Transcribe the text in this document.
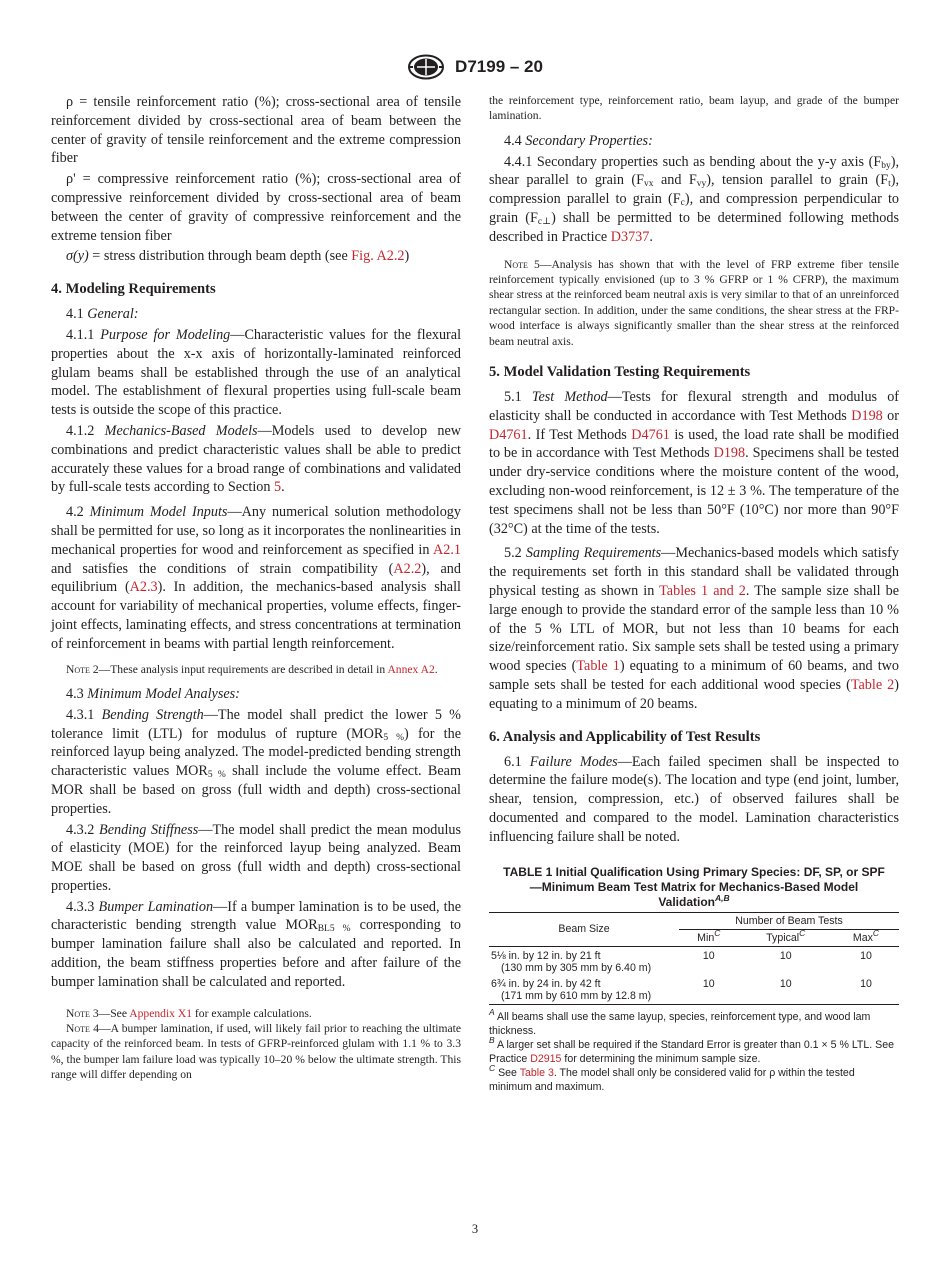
D7199 – 20

ρ = tensile reinforcement ratio (%); cross-sectional area of tensile reinforcement divided by cross-sectional area of beam between the center of gravity of tensile reinforcement and the extreme compression fiber

ρ' = compressive reinforcement ratio (%); cross-sectional area of compressive reinforcement divided by cross-sectional area of beam between the center of gravity of compressive reinforcement and the extreme tension fiber

σ(y) = stress distribution through beam depth (see Fig. A2.2)

4. Modeling Requirements

4.1 General:

4.1.1 Purpose for Modeling—Characteristic values for the flexural properties about the x-x axis of horizontally-laminated reinforced glulam beams shall be established through the use of an analytical model. The establishment of flexural properties using full-scale beam tests is outside the scope of this practice.

4.1.2 Mechanics-Based Models—Models used to develop new combinations and predict characteristic values shall be able to predict accurately these values for a broad range of combinations and validated by full-scale tests according to Section 5.

4.2 Minimum Model Inputs—Any numerical solution methodology shall be permitted for use, so long as it incorporates the nonlinearities in mechanical properties for wood and reinforcement as specified in A2.1 and satisfies the conditions of strain compatibility (A2.2), and equilibrium (A2.3). In addition, the mechanics-based analysis shall account for variability of mechanical properties, volume effects, finger-joint effects, laminating effects, and stress concentrations at termination of reinforcement in beams with partial length reinforcement.

Note 2—These analysis input requirements are described in detail in Annex A2.

4.3 Minimum Model Analyses:

4.3.1 Bending Strength—The model shall predict the lower 5 % tolerance limit (LTL) for modulus of rupture $(MOR_{5 \%})$ for the reinforced layup being analyzed. The model-predicted bending strength characteristic values $MOR_{5 \%}$ shall include the volume effect. Beam MOR shall be based on gross (full width and depth) cross-sectional properties.

4.3.2 Bending Stiffness—The model shall predict the mean modulus of elasticity (MOE) for the reinforced layup being analyzed. Beam MOE shall be based on gross (full width and depth) cross-sectional properties.

4.3.3 Bumper Lamination—If a bumper lamination is to be used, the characteristic bending strength value $MOR_{BL5 \%}$ corresponding to bumper lamination failure shall also be calculated and reported. In addition, the beam stiffness properties before and after failure of the bumper lamination shall be calculated and reported.

Note 3—See Appendix X1 for example calculations.

Note 4—A bumper lamination, if used, will likely fail prior to reaching the ultimate capacity of the reinforced beam. In tests of GFRP-reinforced glulam with 1.1 % to 3.3 %, the bumper lam failure load was typically 10–20 % below the ultimate strength. This range will differ depending on

the reinforcement type, reinforcement ratio, beam layup, and grade of the bumper lamination.

4.4 Secondary Properties:

4.4.1 Secondary properties such as bending about the y-y axis $(F_{by})$, shear parallel to grain ($F_{vx}$ and $F_{vy}$), tension parallel to grain $(F_t)$, compression parallel to grain $(F_c)$, and compression perpendicular to grain $(F_{c\perp})$ shall be permitted to be determined following methods described in Practice D3737.

Note 5—Analysis has shown that with the level of FRP extreme fiber tensile reinforcement typically envisioned (up to 3 % GFRP or 1 % CFRP), the maximum shear stress at the reinforced beam neutral axis is very similar to that of an unreinforced rectangular section. In addition, under the same conditions, the shear stress at the FRP-wood interface is always significantly smaller than the shear stress at the reinforced beam neutral axis.

5. Model Validation Testing Requirements

5.1 Test Method—Tests for flexural strength and modulus of elasticity shall be conducted in accordance with Test Methods D198 or D4761. If Test Methods D4761 is used, the load rate shall be modified to be in accordance with Test Methods D198. Specimens shall be tested under dry-service conditions where the moisture content of the wood, excluding non-wood reinforcement, is 12 ± 3 %. The temperature of the test specimens shall not be less than 50°F (10°C) nor more than 90°F (32°C) at the time of the tests.

5.2 Sampling Requirements—Mechanics-based models which satisfy the requirements set forth in this standard shall be validated through physical testing as shown in Tables 1 and 2. The sample size shall be large enough to provide the standard error of the sample less than 10 % of the 5 % LTL of MOR, but not less than 10 beams for each size/reinforcement ratio. Six sample sets shall be tested using a primary wood species (Table 1) equating to a minimum of 60 beams, and two sample sets shall be tested for each additional wood species (Table 2) equating to a minimum of 20 beams.

6. Analysis and Applicability of Test Results

6.1 Failure Modes—Each failed specimen shall be inspected to determine the failure mode(s). The location and type (end joint, lumber, shear, tension, compression, etc.) of observed failures shall be documented and compared to the model. Lamination characteristics influencing failure shall be noted.

TABLE 1 Initial Qualification Using Primary Species: DF, SP, or SPF—Minimum Beam Test Matrix for Mechanics-Based Model Validation$^{A,B}$
Beam Size	Number of Beam Tests		
	Min$^C$	Typical$^C$	Max$^C$

5⅛ in. by 12 in. by 21 ft
(130 mm by 305 mm by 6.40 m)	10	10	10

6¾ in. by 24 in. by 42 ft
(171 mm by 610 mm by 12.8 m)	10	10	10
$^A$ All beams shall use the same layup, species, reinforcement type, and wood lam thickness.
$^B$ A larger set shall be required if the Standard Error is greater than 0.1 × 5 % LTL. See Practice D2915 for determining the minimum sample size.
$^C$ See Table 3. The model shall only be considered valid for ρ within the tested minimum and maximum.
3
